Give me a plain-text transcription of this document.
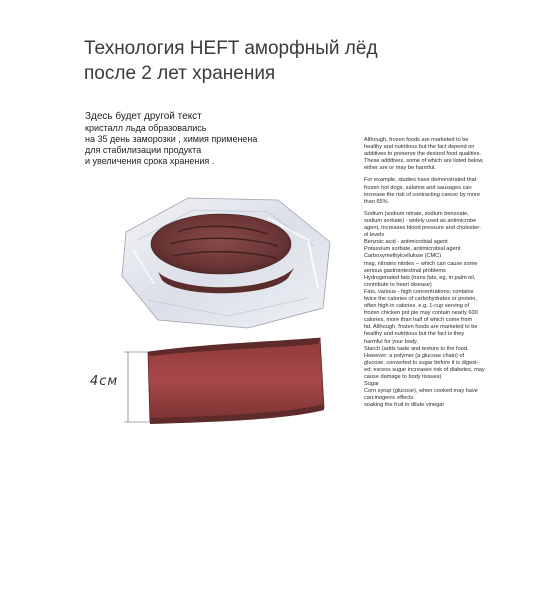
Технология HEFT аморфный лёд
после 2 лет хранения
Здесь будет другой текст
кристалл льда образовались
на 35 день заморозки , химия применена
для стабилизации продукта
и увеличения срока хранения .
4см

Although, frozen foods are marketed to be healthy and nutritious but the fact depend on additives to preserve the desired food qualities. These additives, some of which are listed below, either are or may be harmful.

For example, studies have demonstrated that frozen hot dogs, salamis and sausages can increase the risk of contracting cancer by more than 65%.

Sodium (sodium nitrate, sodium benzoate,
sodium sorbate) - widely used as antimicrobe
agent, Increases blood pressure and cholester-
ol levels
Benzoic acid - antimicrobial agent
Potassium sorbate, antimicrobial agent
Carboxymethylcellulose (CMC)
msg, nitrates nitrites -- which can cause some
serious gastrointestinal problems
Hydrogenated fats (trans fats, eg, in palm oil,
contribute to heart disease)
Fats, various - high concentrations; contains
twice the calories of carbohydrates or protein,
often high in calories. e.g. 1-cup serving of
frozen chicken pot pie may contain nearly 600
calories, more than half of which come from
fat. Although, frozen foods are marketed to be
healthy and nutritious but the fact is they
harmful for your body.
Starch (adds taste and texture to the food.
However; a polymer (a glucose chain) of
glucose, converted to sugar before it is digest-
ed; excess sugar increases risk of diabetes, may
cause damage to body tissues)
Sugar
Corn syrup (glucose), when cooked may have
carcinogenic effects.
soaking the fruit in dilute vinegar
